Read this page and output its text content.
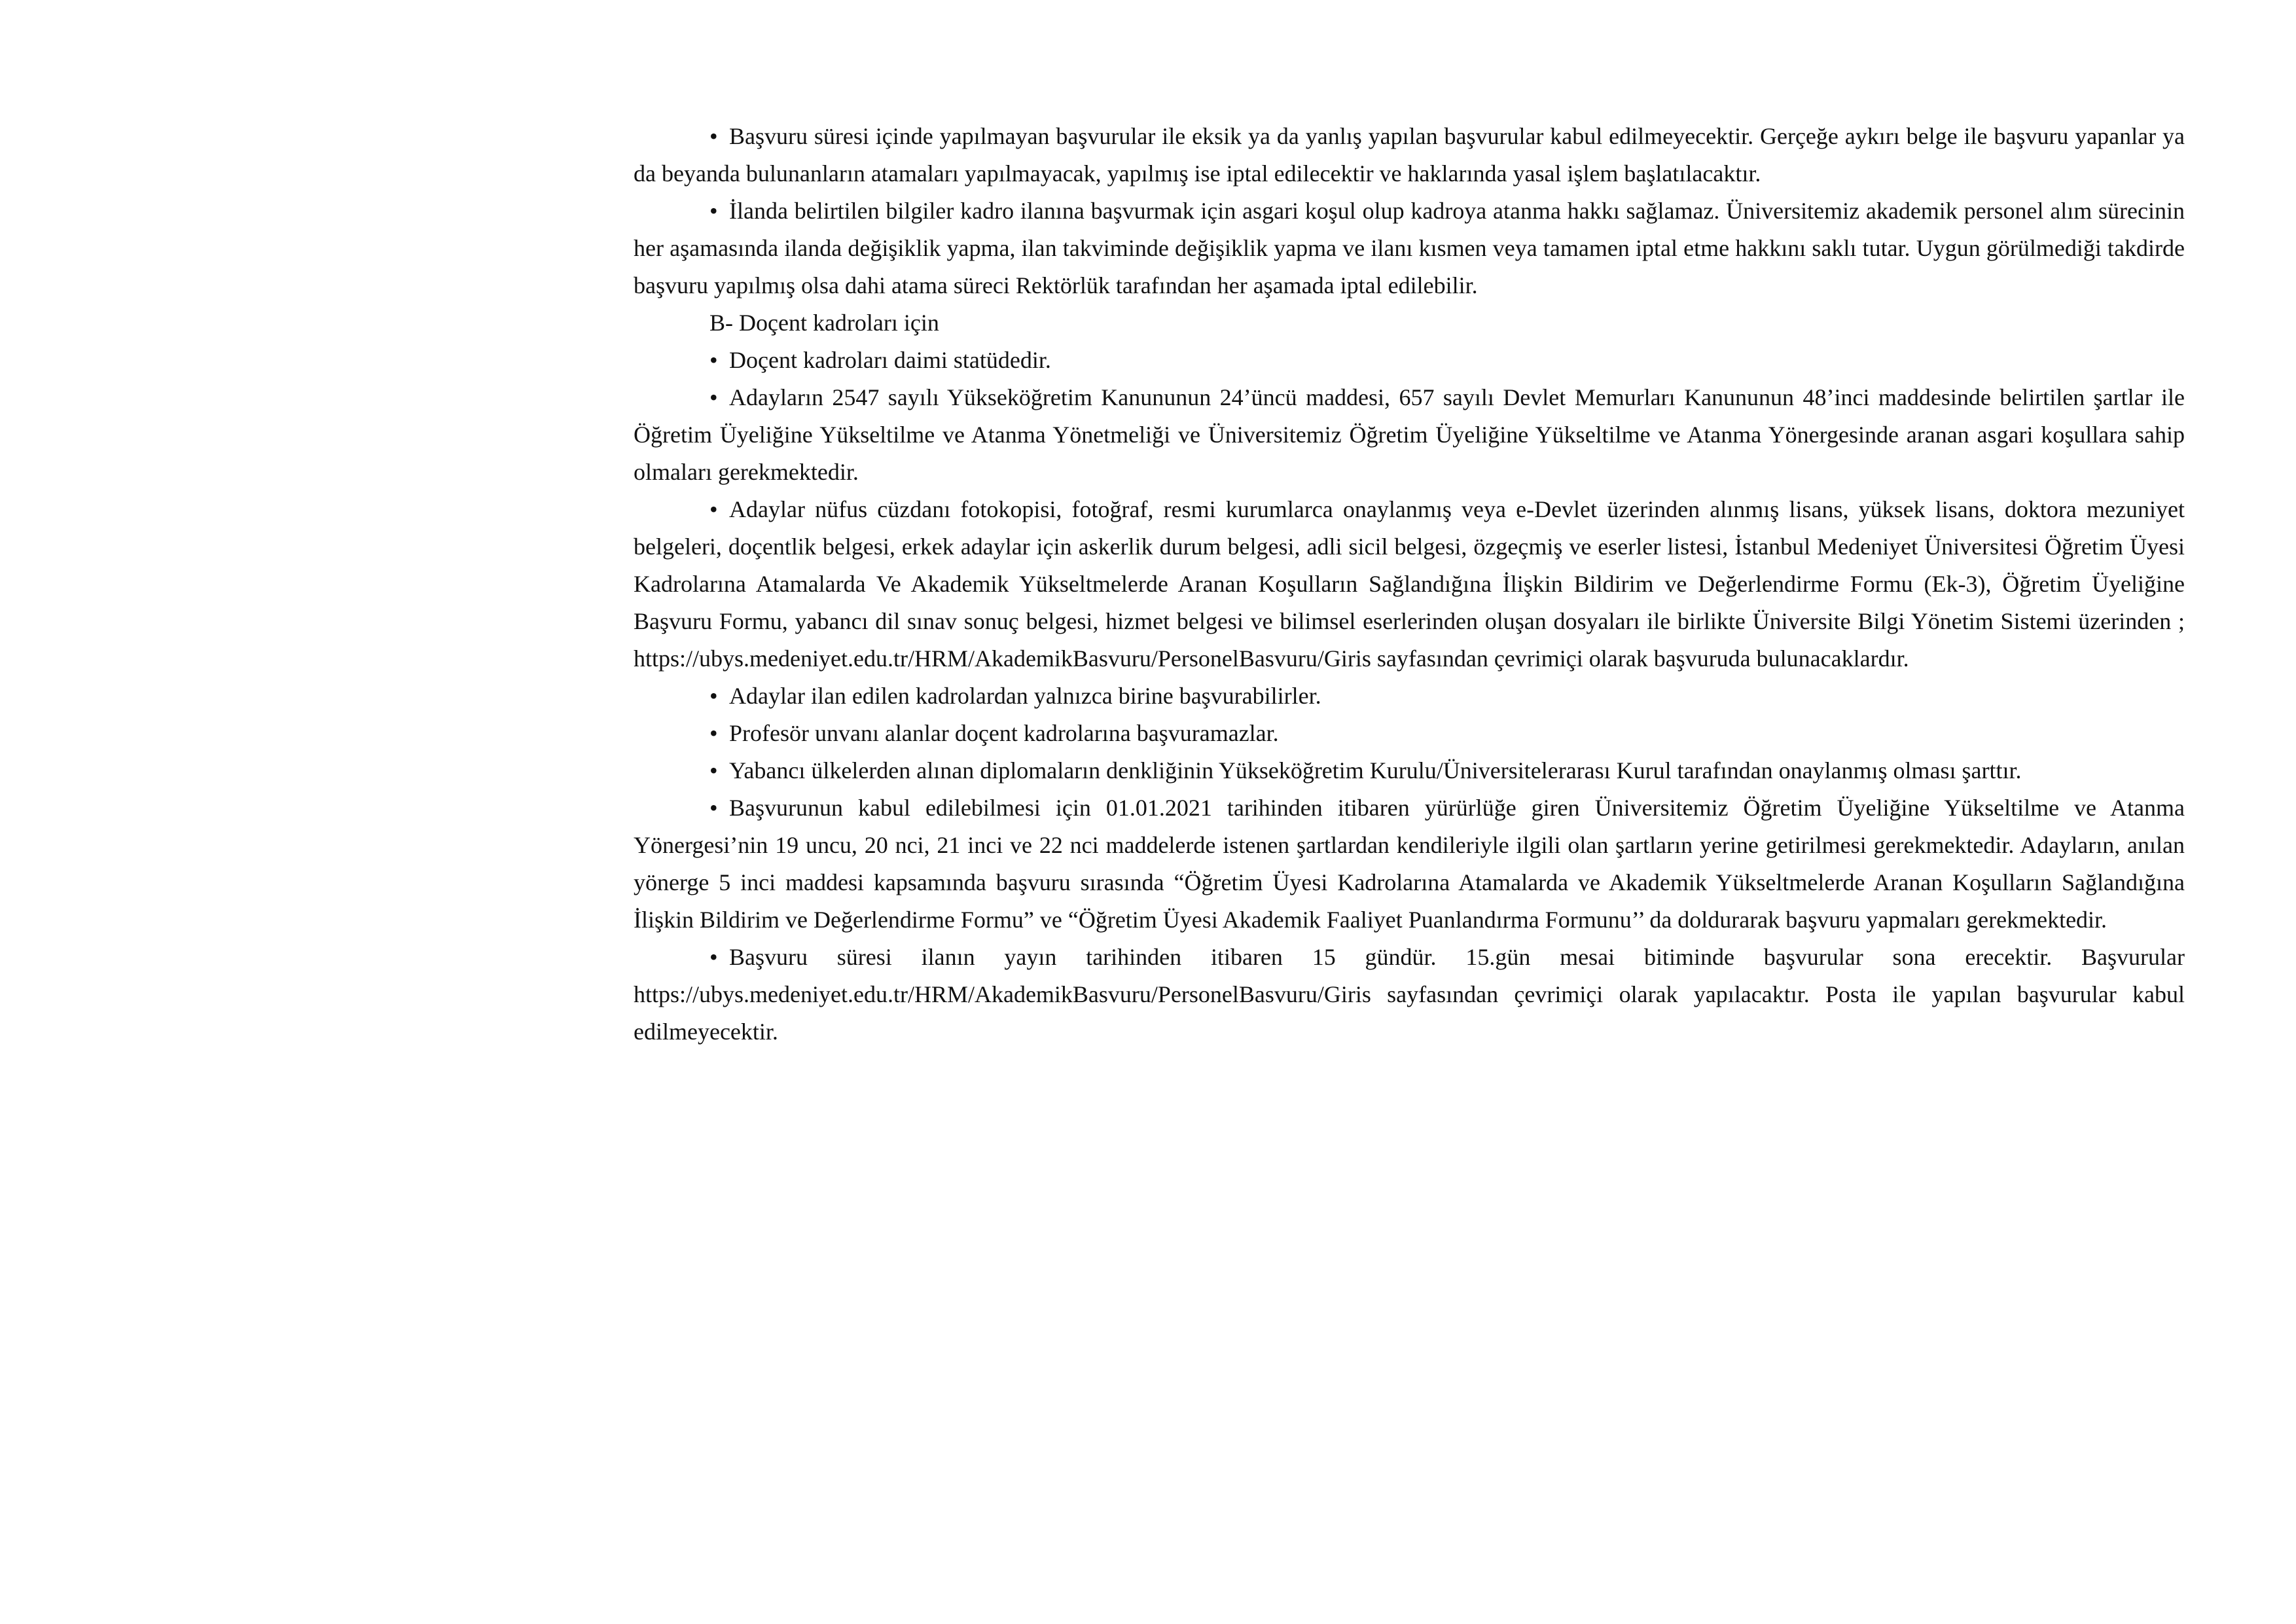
• Başvuru süresi içinde yapılmayan başvurular ile eksik ya da yanlış yapılan başvurular kabul edilmeyecektir. Gerçeğe aykırı belge ile başvuru yapanlar ya da beyanda bulunanların atamaları yapılmayacak, yapılmış ise iptal edilecektir ve haklarında yasal işlem başlatılacaktır.

• İlanda belirtilen bilgiler kadro ilanına başvurmak için asgari koşul olup kadroya atanma hakkı sağlamaz. Üniversitemiz akademik personel alım sürecinin her aşamasında ilanda değişiklik yapma, ilan takviminde değişiklik yapma ve ilanı kısmen veya tamamen iptal etme hakkını saklı tutar. Uygun görülmediği takdirde başvuru yapılmış olsa dahi atama süreci Rektörlük tarafından her aşamada iptal edilebilir.

B- Doçent kadroları için

• Doçent kadroları daimi statüdedir.

• Adayların 2547 sayılı Yükseköğretim Kanununun 24’üncü maddesi, 657 sayılı Devlet Memurları Kanununun 48’inci maddesinde belirtilen şartlar ile Öğretim Üyeliğine Yükseltilme ve Atanma Yönetmeliği ve Üniversitemiz Öğretim Üyeliğine Yükseltilme ve Atanma Yönergesinde aranan asgari koşullara sahip olmaları gerekmektedir.

• Adaylar nüfus cüzdanı fotokopisi, fotoğraf, resmi kurumlarca onaylanmış veya e-Devlet üzerinden alınmış lisans, yüksek lisans, doktora mezuniyet belgeleri, doçentlik belgesi, erkek adaylar için askerlik durum belgesi, adli sicil belgesi, özgeçmiş ve eserler listesi, İstanbul Medeniyet Üniversitesi Öğretim Üyesi Kadrolarına Atamalarda Ve Akademik Yükseltmelerde Aranan Koşulların Sağlandığına İlişkin Bildirim ve Değerlendirme Formu (Ek-3), Öğretim Üyeliğine Başvuru Formu, yabancı dil sınav sonuç belgesi, hizmet belgesi ve bilimsel eserlerinden oluşan dosyaları ile birlikte Üniversite Bilgi Yönetim Sistemi üzerinden ; https://ubys.medeniyet.edu.tr/HRM/AkademikBasvuru/PersonelBasvuru/Giris sayfasından çevrimiçi olarak başvuruda bulunacaklardır.

• Adaylar ilan edilen kadrolardan yalnızca birine başvurabilirler.

• Profesör unvanı alanlar doçent kadrolarına başvuramazlar.

• Yabancı ülkelerden alınan diplomaların denkliğinin Yükseköğretim Kurulu/Üniversitelerarası Kurul tarafından onaylanmış olması şarttır.

• Başvurunun kabul edilebilmesi için 01.01.2021 tarihinden itibaren yürürlüğe giren Üniversitemiz Öğretim Üyeliğine Yükseltilme ve Atanma Yönergesi’nin 19 uncu, 20 nci, 21 inci ve 22 nci maddelerde istenen şartlardan kendileriyle ilgili olan şartların yerine getirilmesi gerekmektedir. Adayların, anılan yönerge 5 inci maddesi kapsamında başvuru sırasında “Öğretim Üyesi Kadrolarına Atamalarda ve Akademik Yükseltmelerde Aranan Koşulların Sağlandığına İlişkin Bildirim ve Değerlendirme Formu” ve “Öğretim Üyesi Akademik Faaliyet Puanlandırma Formunu’’ da doldurarak başvuru yapmaları gerekmektedir.

• Başvuru süresi ilanın yayın tarihinden itibaren 15 gündür. 15.gün mesai bitiminde başvurular sona erecektir. Başvurular https://ubys.medeniyet.edu.tr/HRM/AkademikBasvuru/PersonelBasvuru/Giris sayfasından çevrimiçi olarak yapılacaktır. Posta ile yapılan başvurular kabul edilmeyecektir.
